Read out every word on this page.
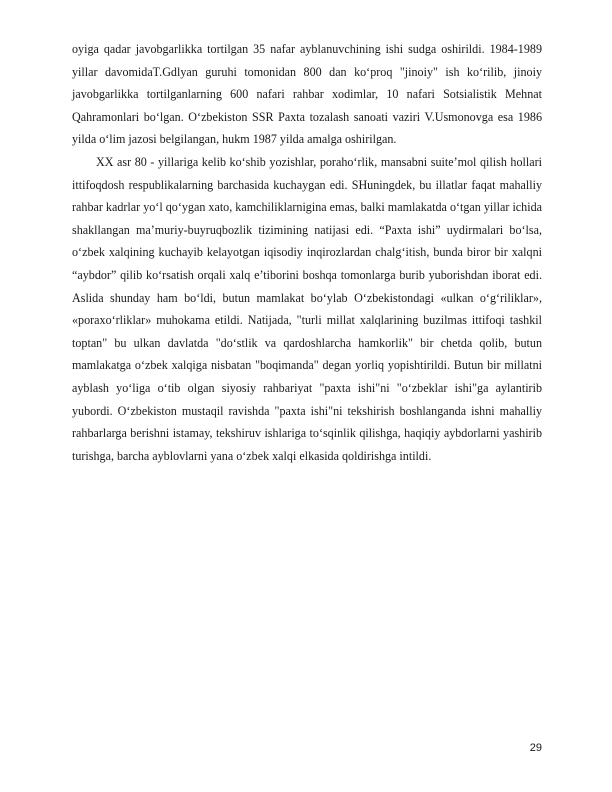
oyiga qadar javobgarlikka tortilgan 35 nafar ayblanuvchining ishi sudga oshirildi. 1984-1989 yillar davomidaT.Gdlyan guruhi tomonidan 800 dan ko‘proq "jinoiy" ish ko‘rilib, jinoiy javobgarlikka tortilganlarning 600 nafari rahbar xodimlar, 10 nafari Sotsialistik Mehnat Qahramonlari bo‘lgan. O‘zbekiston SSR Paxta tozalash sanoati vaziri V.Usmonovga esa 1986 yilda o‘lim jazosi belgilangan, hukm 1987 yilda amalga oshirilgan.

XX asr 80 - yillariga kelib ko‘shib yozishlar, poraho‘rlik, mansabni suite’mol qilish hollari ittifoqdosh respublikalarning barchasida kuchaygan edi. SHuningdek, bu illatlar faqat mahalliy rahbar kadrlar yo‘l qo‘ygan xato, kamchiliklarnigina emas, balki mamlakatda o‘tgan yillar ichida shakllangan ma’muriy-buyruqbozlik tizimining natijasi edi. “Paxta ishi” uydirmalari bo‘lsa, o‘zbek xalqining kuchayib kelayotgan iqisodiy inqirozlardan chalg‘itish, bunda biror bir xalqni “aybdor” qilib ko‘rsatish orqali xalq e’tiborini boshqa tomonlarga burib yuborishdan iborat edi. Aslida shunday ham bo‘ldi, butun mamlakat bo‘ylab O‘zbekistondagi «ulkan o‘g‘riliklar», «poraxo‘rliklar» muhokama etildi. Natijada, "turli millat xalqlarining buzilmas ittifoqi tashkil toptan" bu ulkan davlatda "do‘stlik va qardoshlarcha hamkorlik" bir chetda qolib, butun mamlakatga o‘zbek xalqiga nisbatan "boqimanda" degan yorliq yopishtirildi. Butun bir millatni ayblash yo‘liga o‘tib olgan siyosiy rahbariyat "paxta ishi"ni "o‘zbeklar ishi"ga aylantirib yubordi. O‘zbekiston mustaqil ravishda "paxta ishi"ni tekshirish boshlanganda ishni mahalliy rahbarlarga berishni istamay, tekshiruv ishlariga to‘sqinlik qilishga, haqiqiy aybdorlarni yashirib turishga, barcha ayblovlarni yana o‘zbek xalqi elkasida qoldirishga intildi.

29
